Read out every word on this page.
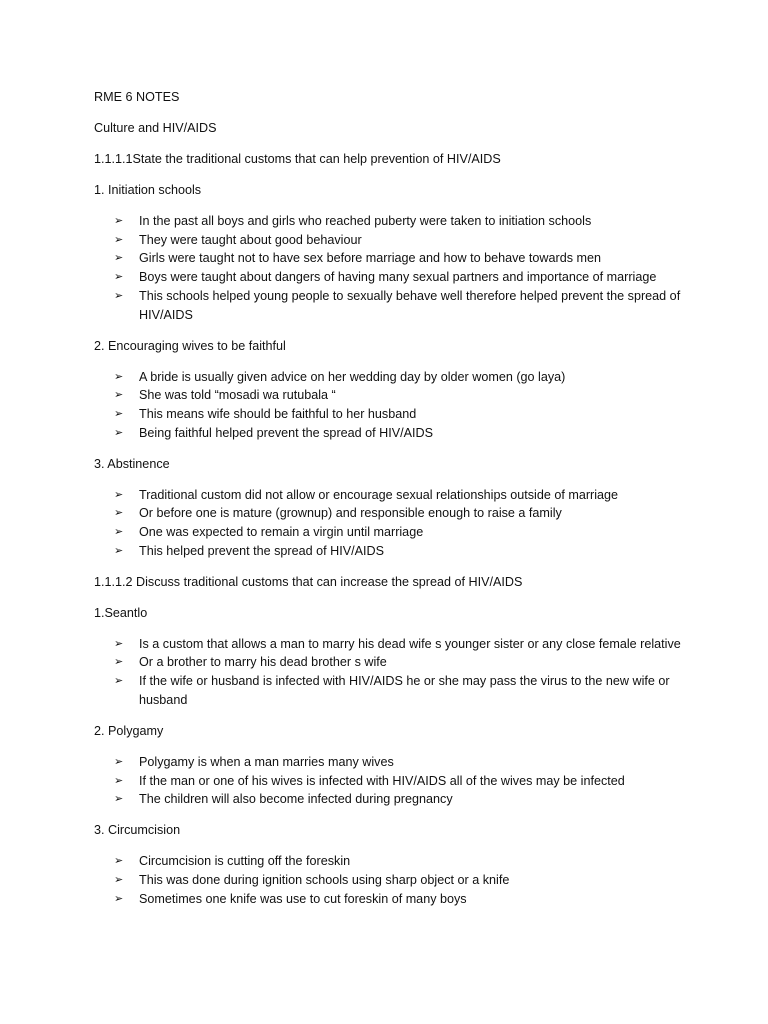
RME 6 NOTES

Culture and HIV/AIDS

1.1.1.1State the traditional customs that can help prevention of HIV/AIDS

1. Initiation schools

➢ In the past all boys and girls who reached puberty were taken to initiation schools
➢ They were taught about good behaviour
➢ Girls were taught not to have sex before marriage and how to behave towards men
➢ Boys were taught about dangers of having many sexual partners and importance of marriage
➢ This schools helped young people to sexually behave well therefore helped prevent the spread of HIV/AIDS

2. Encouraging wives to be faithful

➢ A bride is usually given advice on her wedding day by older women (go laya)
➢ She was told “mosadi wa rutubala “
➢ This means wife should be faithful to her husband
➢ Being faithful helped prevent the spread of HIV/AIDS

3. Abstinence

➢ Traditional custom did not allow or encourage sexual relationships outside of marriage
➢ Or before one is mature (grownup) and responsible enough to raise a family
➢ One was expected to remain a virgin until marriage
➢ This helped prevent the spread of HIV/AIDS

1.1.1.2 Discuss traditional customs that can increase the spread of HIV/AIDS

1.Seantlo

➢ Is a custom that allows a man to marry his dead wife s younger sister or any close female relative
➢ Or a brother to marry his dead brother s wife
➢ If the wife or husband is infected with HIV/AIDS he or she may pass the virus to the new wife or husband

2. Polygamy

➢ Polygamy is when a man marries many wives
➢ If the man or one of his wives is infected with HIV/AIDS all of the wives may be infected
➢ The children will also become infected during pregnancy

3. Circumcision

➢ Circumcision is cutting off the foreskin
➢ This was done during ignition schools using sharp object or a knife
➢ Sometimes one knife was use to cut foreskin of many boys
